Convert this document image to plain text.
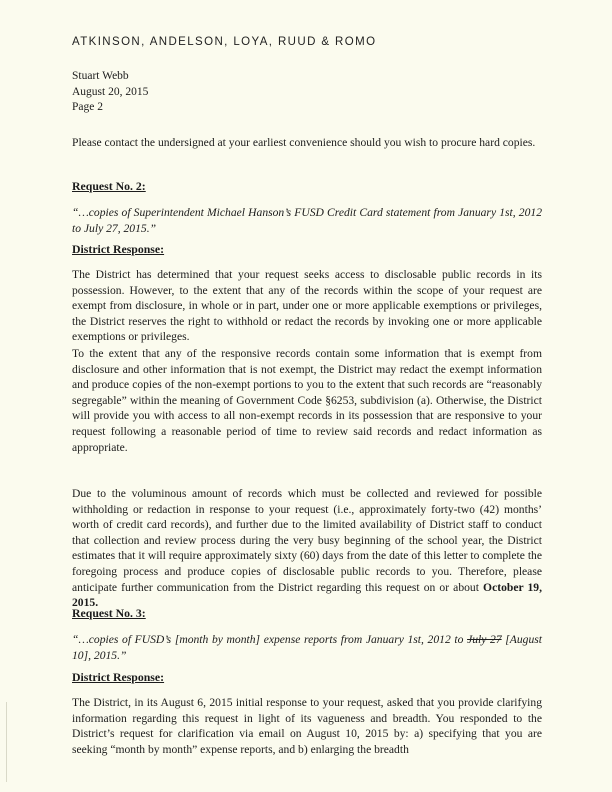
ATKINSON, ANDELSON, LOYA, RUUD & ROMO
Stuart Webb
August 20, 2015
Page 2

Please contact the undersigned at your earliest convenience should you wish to procure hard copies.

Request No. 2:

“…copies of Superintendent Michael Hanson’s FUSD Credit Card statement from January 1st, 2012 to July 27, 2015.”

District Response:

The District has determined that your request seeks access to disclosable public records in its possession. However, to the extent that any of the records within the scope of your request are exempt from disclosure, in whole or in part, under one or more applicable exemptions or privileges, the District reserves the right to withhold or redact the records by invoking one or more applicable exemptions or privileges.

To the extent that any of the responsive records contain some information that is exempt from disclosure and other information that is not exempt, the District may redact the exempt information and produce copies of the non-exempt portions to you to the extent that such records are “reasonably segregable” within the meaning of Government Code §6253, subdivision (a). Otherwise, the District will provide you with access to all non-exempt records in its possession that are responsive to your request following a reasonable period of time to review said records and redact information as appropriate.

Due to the voluminous amount of records which must be collected and reviewed for possible withholding or redaction in response to your request (i.e., approximately forty-two (42) months’ worth of credit card records), and further due to the limited availability of District staff to conduct that collection and review process during the very busy beginning of the school year, the District estimates that it will require approximately sixty (60) days from the date of this letter to complete the foregoing process and produce copies of disclosable public records to you. Therefore, please anticipate further communication from the District regarding this request on or about October 19, 2015.

Request No. 3:

“…copies of FUSD’s [month by month] expense reports from January 1st, 2012 to July 27 [August 10], 2015.”

District Response:

The District, in its August 6, 2015 initial response to your request, asked that you provide clarifying information regarding this request in light of its vagueness and breadth. You responded to the District’s request for clarification via email on August 10, 2015 by: a) specifying that you are seeking “month by month” expense reports, and b) enlarging the breadth
